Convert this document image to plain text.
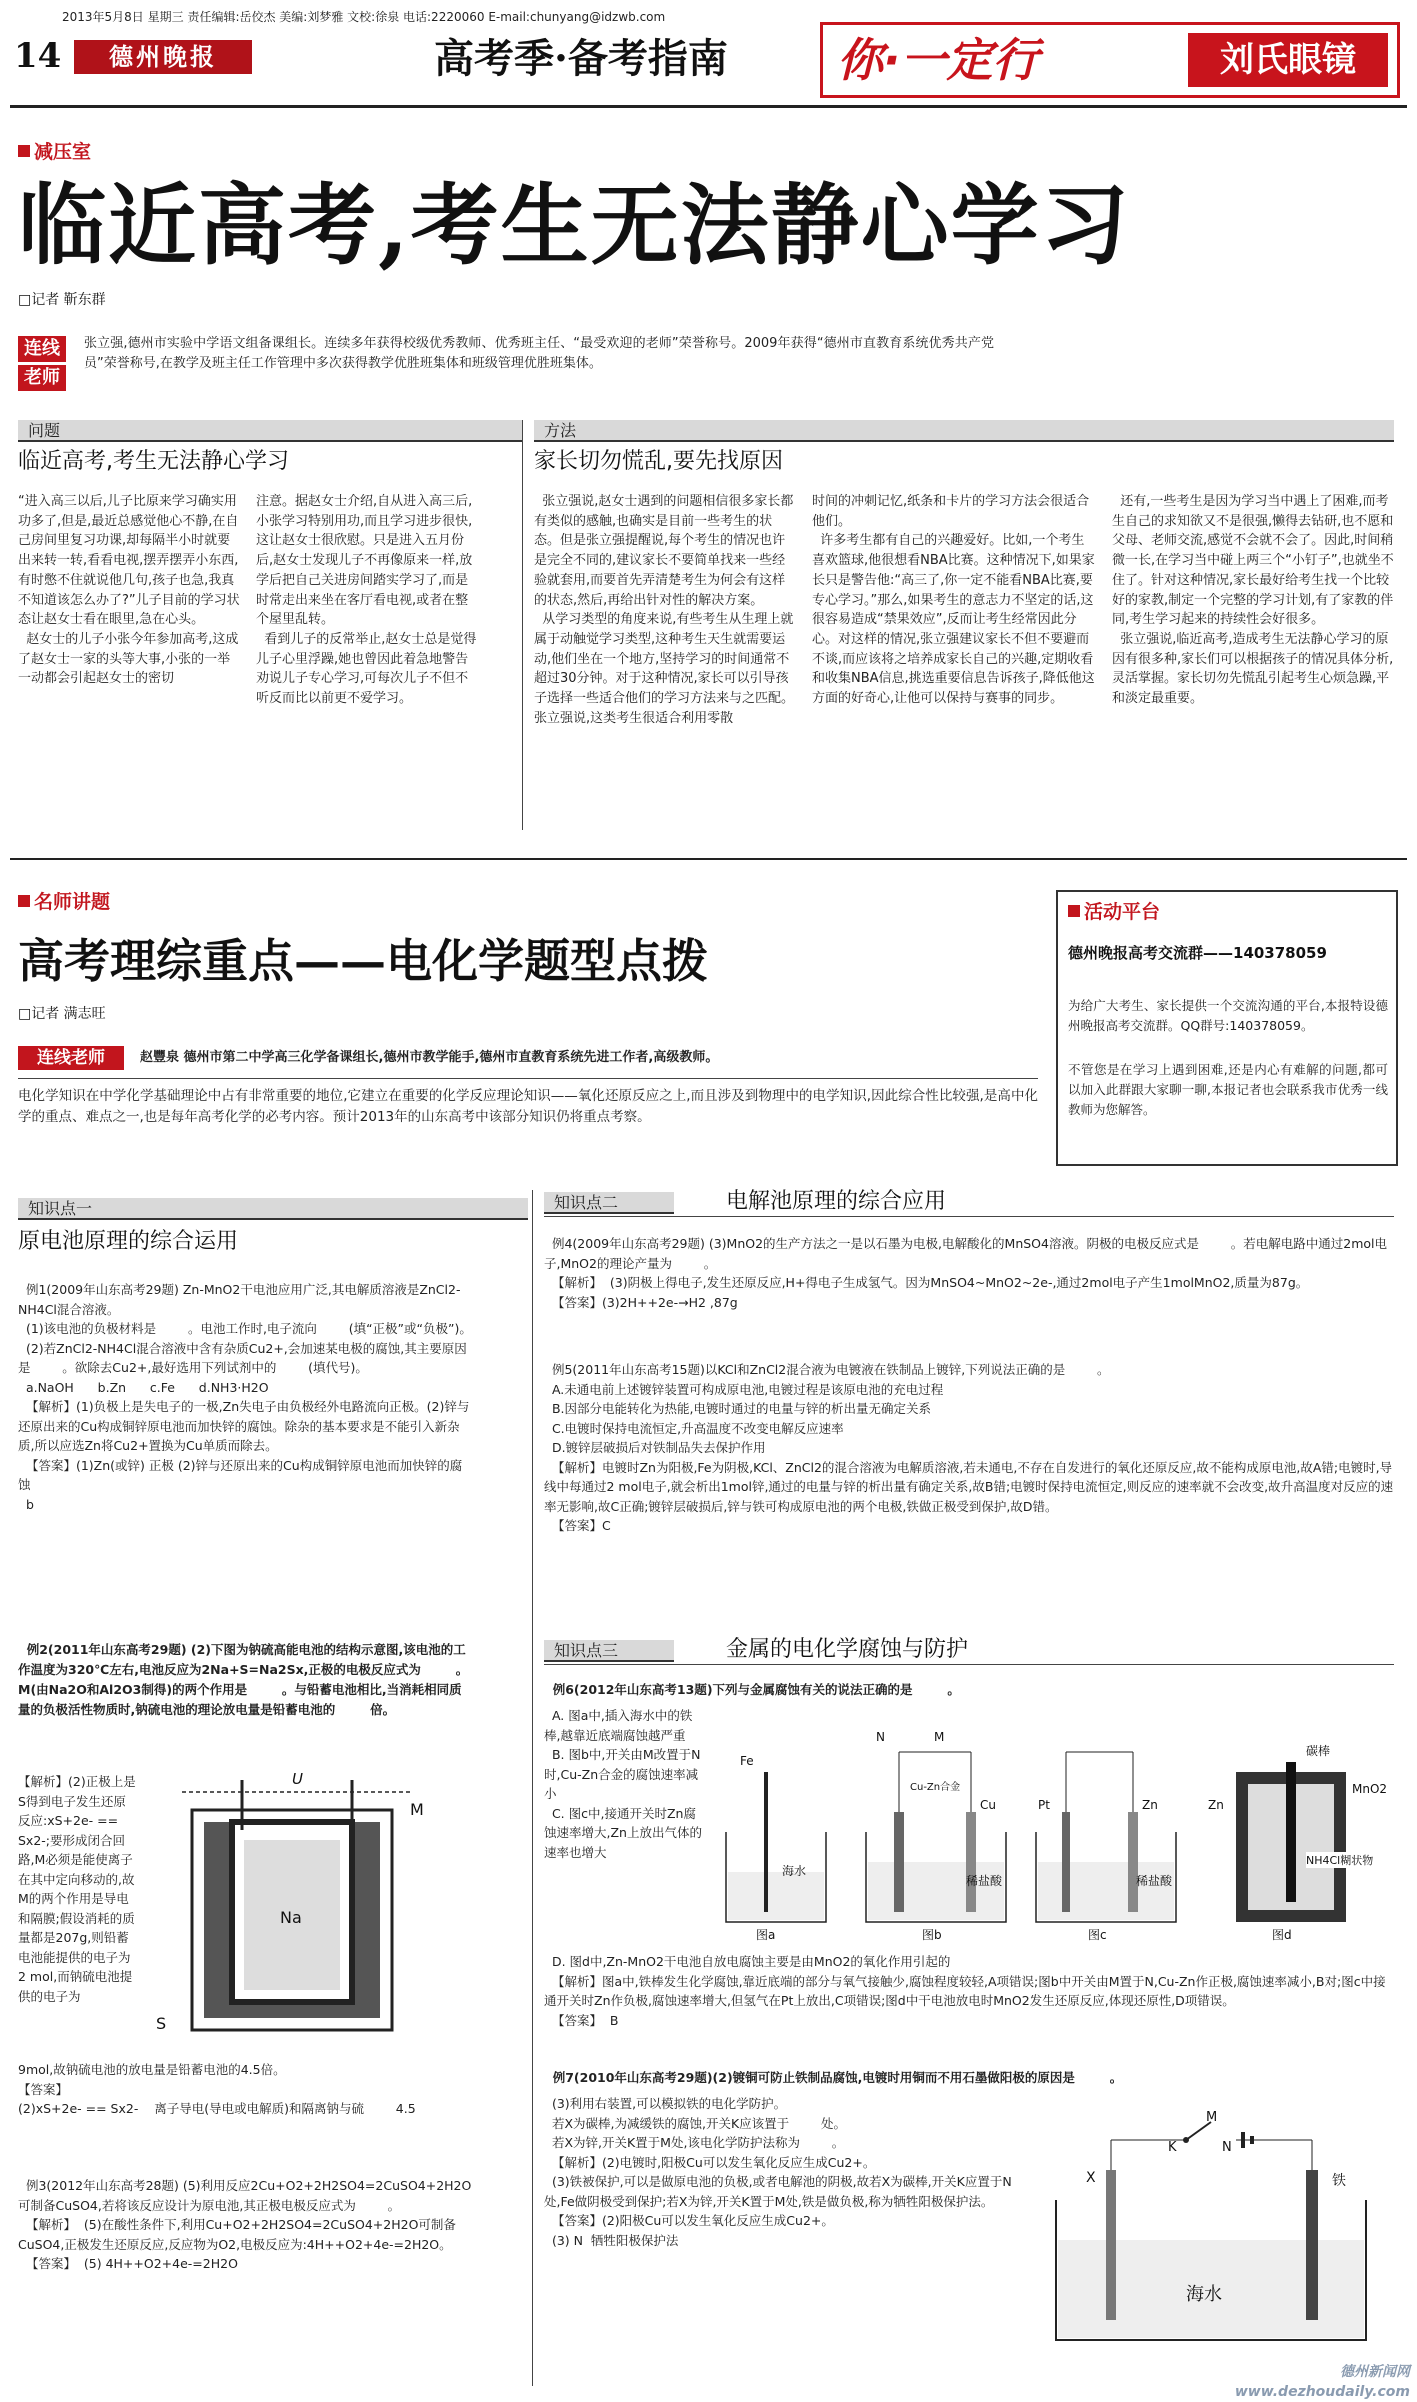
2013年5月8日 星期三 责任编辑:岳佼杰 美编:刘梦雅 文校:徐泉 电话:2220060 E-mail:chunyang@idzwb.com
14	德州晚报	高考季·备考指南	你·一定行	刘氏眼镜
减压室
临近高考,考生无法静心学习
□记者 靳东群
连线
老师
张立强,德州市实验中学语文组备课组长。连续多年获得校级优秀教师、优秀班主任、“最受欢迎的老师”荣誉称号。2009年获得“德州市直教育系统优秀共产党员”荣誉称号,在教学及班主任工作管理中多次获得教学优胜班集体和班级管理优胜班集体。
问题
临近高考,考生无法静心学习
方法
家长切勿慌乱,要先找原因
“进入高三以后,儿子比原来学习确实用功多了,但是,最近总感觉他心不静,在自己房间里复习功课,却每隔半小时就要出来转一转,看看电视,摆弄摆弄小东西,有时憋不住就说他几句,孩子也急,我真不知道该怎么办了?”儿子目前的学习状态让赵女士看在眼里,急在心头。
赵女士的儿子小张今年参加高考,这成了赵女士一家的头等大事,小张的一举一动都会引起赵女士的密切
注意。据赵女士介绍,自从进入高三后,小张学习特别用功,而且学习进步很快,这让赵女士很欣慰。只是进入五月份后,赵女士发现儿子不再像原来一样,放学后把自己关进房间踏实学习了,而是时常走出来坐在客厅看电视,或者在整个屋里乱转。
看到儿子的反常举止,赵女士总是觉得儿子心里浮躁,她也曾因此着急地警告劝说儿子专心学习,可每次儿子不但不听反而比以前更不爱学习。
张立强说,赵女士遇到的问题相信很多家长都有类似的感触,也确实是目前一些考生的状态。但是张立强提醒说,每个考生的情况也许是完全不同的,建议家长不要简单找来一些经验就套用,而要首先弄清楚考生为何会有这样的状态,然后,再给出针对性的解决方案。
从学习类型的角度来说,有些考生从生理上就属于动触觉学习类型,这种考生天生就需要运动,他们坐在一个地方,坚持学习的时间通常不超过30分钟。对于这种情况,家长可以引导孩子选择一些适合他们的学习方法来与之匹配。张立强说,这类考生很适合利用零散
时间的冲刺记忆,纸条和卡片的学习方法会很适合他们。
许多考生都有自己的兴趣爱好。比如,一个考生喜欢篮球,他很想看NBA比赛。这种情况下,如果家长只是警告他:“高三了,你一定不能看NBA比赛,要专心学习。”那么,如果考生的意志力不坚定的话,这很容易造成“禁果效应”,反而让考生经常因此分心。对这样的情况,张立强建议家长不但不要避而不谈,而应该将之培养成家长自己的兴趣,定期收看和收集NBA信息,挑选重要信息告诉孩子,降低他这方面的好奇心,让他可以保持与赛事的同步。
还有,一些考生是因为学习当中遇上了困难,而考生自己的求知欲又不是很强,懒得去钻研,也不愿和父母、老师交流,感觉不会就不会了。因此,时间稍微一长,在学习当中碰上两三个“小钉子”,也就坐不住了。针对这种情况,家长最好给考生找一个比较好的家教,制定一个完整的学习计划,有了家教的伴同,考生学习起来的持续性会好很多。
张立强说,临近高考,造成考生无法静心学习的原因有很多种,家长们可以根据孩子的情况具体分析,灵活掌握。家长切勿先慌乱引起考生心烦急躁,平和淡定最重要。
名师讲题
高考理综重点——电化学题型点拨
□记者 满志旺
连线老师	赵豐泉 德州市第二中学高三化学备课组长,德州市教学能手,德州市直教育系统先进工作者,高级教师。
电化学知识在中学化学基础理论中占有非常重要的地位,它建立在重要的化学反应理论知识——氧化还原反应之上,而且涉及到物理中的电学知识,因此综合性比较强,是高中化学的重点、难点之一,也是每年高考化学的必考内容。预计2013年的山东高考中该部分知识仍将重点考察。
活动平台
德州晚报高考交流群——140378059
为给广大考生、家长提供一个交流沟通的平台,本报特设德州晚报高考交流群。QQ群号:140378059。
不管您是在学习上遇到困难,还是内心有难解的问题,都可以加入此群跟大家聊一聊,本报记者也会联系我市优秀一线教师为您解答。
知识点一
原电池原理的综合运用
例1(2009年山东高考29题) Zn-MnO2干电池应用广泛,其电解质溶液是ZnCl2-NH4Cl混合溶液。
(1)该电池的负极材料是        。电池工作时,电子流向        (填“正极”或“负极”)。
(2)若ZnCl2-NH4Cl混合溶液中含有杂质Cu2+,会加速某电极的腐蚀,其主要原因是        。欲除去Cu2+,最好选用下列试剂中的        (填代号)。
a.NaOH      b.Zn      c.Fe      d.NH3·H2O
【解析】(1)负极上是失电子的一极,Zn失电子由负极经外电路流向正极。(2)锌与还原出来的Cu构成铜锌原电池而加快锌的腐蚀。除杂的基本要求是不能引入新杂质,所以应选Zn将Cu2+置换为Cu单质而除去。
【答案】(1)Zn(或锌) 正极 (2)锌与还原出来的Cu构成铜锌原电池而加快锌的腐蚀
b
例2(2011年山东高考29题) (2)下图为钠硫高能电池的结构示意图,该电池的工作温度为320℃左右,电池反应为2Na+S=Na2Sx,正极的电极反应式为        。M(由Na2O和Al2O3制得)的两个作用是        。与铅蓄电池相比,当消耗相同质量的负极活性物质时,钠硫电池的理论放电量是铅蓄电池的        倍。
【解析】(2)正极上是S得到电子发生还原反应:xS+2e- == Sx2-;要形成闭合回路,M必须是能使离子在其中定向移动的,故M的两个作用是导电和隔膜;假设消耗的质量都是207g,则铅蓄电池能提供的电子为2 mol,而钠硫电池提供的电子为
U
M
Na
S
9mol,故钠硫电池的放电量是铅蓄电池的4.5倍。
【答案】
(2)xS+2e- == Sx2-    离子导电(导电或电解质)和隔离钠与硫        4.5
例3(2012年山东高考28题) (5)利用反应2Cu+O2+2H2SO4=2CuSO4+2H2O可制备CuSO4,若将该反应设计为原电池,其正极电极反应式为        。
【解析】  (5)在酸性条件下,利用Cu+O2+2H2SO4=2CuSO4+2H2O可制备CuSO4,正极发生还原反应,反应物为O2,电极反应为:4H++O2+4e-=2H2O。
【答案】  (5) 4H++O2+4e-=2H2O
知识点二	电解池原理的综合应用
例4(2009年山东高考29题) (3)MnO2的生产方法之一是以石墨为电极,电解酸化的MnSO4溶液。阴极的电极反应式是        。若电解电路中通过2mol电子,MnO2的理论产量为        。
【解析】  (3)阴极上得电子,发生还原反应,H+得电子生成氢气。因为MnSO4~MnO2~2e-,通过2mol电子产生1molMnO2,质量为87g。
【答案】(3)2H++2e-→H2 ,87g
例5(2011年山东高考15题)以KCl和ZnCl2混合液为电镀液在铁制品上镀锌,下列说法正确的是        。
A.未通电前上述镀锌装置可构成原电池,电镀过程是该原电池的充电过程
B.因部分电能转化为热能,电镀时通过的电量与锌的析出量无确定关系
C.电镀时保持电流恒定,升高温度不改变电解反应速率
D.镀锌层破损后对铁制品失去保护作用
【解析】电镀时Zn为阳极,Fe为阴极,KCl、ZnCl2的混合溶液为电解质溶液,若未通电,不存在自发进行的氧化还原反应,故不能构成原电池,故A错;电镀时,导线中每通过2 mol电子,就会析出1mol锌,通过的电量与锌的析出量有确定关系,故B错;电镀时保持电流恒定,则反应的速率就不会改变,故升高温度对反应的速率无影响,故C正确;镀锌层破损后,锌与铁可构成原电池的两个电极,铁做正极受到保护,故D错。
【答案】C
知识点三	金属的电化学腐蚀与防护
例6(2012年山东高考13题)下列与金属腐蚀有关的说法正确的是        。
A. 图a中,插入海水中的铁棒,越靠近底端腐蚀越严重
B. 图b中,开关由M改置于N时,Cu-Zn合金的腐蚀速率减小
C. 图c中,接通开关时Zn腐蚀速率增大,Zn上放出气体的速率也增大
Fe
海水
N	M
Cu-Zn合金
Cu
稀盐酸
Pt	Zn
稀盐酸
Zn
碳棒
MnO2
NH4Cl糊状物
图a	图b	图c	图d
D. 图d中,Zn-MnO2干电池自放电腐蚀主要是由MnO2的氧化作用引起的
【解析】图a中,铁棒发生化学腐蚀,靠近底端的部分与氧气接触少,腐蚀程度较轻,A项错误;图b中开关由M置于N,Cu-Zn作正极,腐蚀速率减小,B对;图c中接通开关时Zn作负极,腐蚀速率增大,但氢气在Pt上放出,C项错误;图d中干电池放电时MnO2发生还原反应,体现还原性,D项错误。
【答案】  B
例7(2010年山东高考29题)(2)镀铜可防止铁制品腐蚀,电镀时用铜而不用石墨做阳极的原因是        。
(3)利用右装置,可以模拟铁的电化学防护。
若X为碳棒,为减缓铁的腐蚀,开关K应该置于        处。
若X为锌,开关K置于M处,该电化学防护法称为        。
【解析】(2)电镀时,阳极Cu可以发生氧化反应生成Cu2+。
(3)铁被保护,可以是做原电池的负极,或者电解池的阴极,故若X为碳棒,开关K应置于N处,Fe做阴极受到保护;若X为锌,开关K置于M处,铁是做负极,称为牺牲阳极保护法。
【答案】(2)阳极Cu可以发生氧化反应生成Cu2+。
(3) N  牺牲阳极保护法
M
K	N
X	铁
海水
德州新闻网 www.dezhoudaily.com
